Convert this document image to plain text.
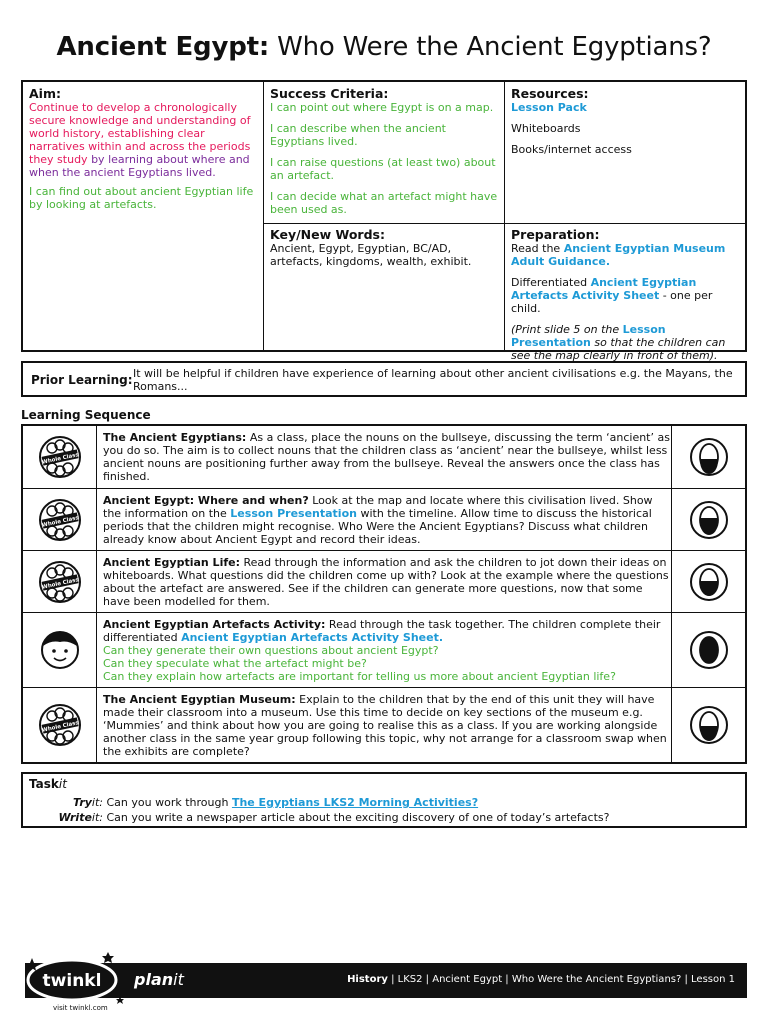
Ancient Egypt: Who Were the Ancient Egyptians?
Aim:

Continue to develop a chronologically secure knowledge and understanding of world history, establishing clear narratives within and across the periods they study by learning about where and when the ancient Egyptians lived.

I can find out about ancient Egyptian life by looking at artefacts.

Success Criteria:

I can point out where Egypt is on a map.

I can describe when the ancient Egyptians lived.

I can raise questions (at least two) about an artefact.

I can decide what an artefact might have been used as.

Resources:

Lesson Pack

Whiteboards

Books/internet access

Key/New Words:

Ancient, Egypt, Egyptian, BC/AD, artefacts, kingdoms, wealth, exhibit.

Preparation:

Read the Ancient Egyptian Museum Adult Guidance.

Differentiated Ancient Egyptian Artefacts Activity Sheet - one per child.

(Print slide 5 on the Lesson Presentation so that the children can see the map clearly in front of them).

Prior Learning: It will be helpful if children have experience of learning about other ancient civilisations e.g. the Mayans, the Romans...
Learning Sequence
Whole Class
The Ancient Egyptians: As a class, place the nouns on the bullseye, discussing the term ‘ancient’ as you do so. The aim is to collect nouns that the children class as ‘ancient’ near the bullseye, whilst less ancient nouns are positioning further away from the bullseye. Reveal the answers once the class has finished.
Whole Class
Ancient Egypt: Where and when? Look at the map and locate where this civilisation lived. Show the information on the Lesson Presentation with the timeline. Allow time to discuss the historical periods that the children might recognise. Who Were the Ancient Egyptians? Discuss what children already know about Ancient Egypt and record their ideas.
Whole Class
Ancient Egyptian Life: Read through the information and ask the children to jot down their ideas on whiteboards. What questions did the children come up with? Look at the example where the questions about the artefact are answered. See if the children can generate more questions, now that some have been modelled for them.
Ancient Egyptian Artefacts Activity: Read through the task together. The children complete their differentiated Ancient Egyptian Artefacts Activity Sheet.
Can they generate their own questions about ancient Egypt?
Can they speculate what the artefact might be?
Can they explain how artefacts are important for telling us more about ancient Egyptian life?
Whole Class
The Ancient Egyptian Museum: Explain to the children that by the end of this unit they will have made their classroom into a museum. Use this time to decide on key sections of the museum e.g. ‘Mummies’ and think about how you are going to realise this as a class. If you are working alongside another class in the same year group following this topic, why not arrange for a classroom swap when the exhibits are complete?
Taskit
Tryit: Can you work through The Egyptians LKS2 Morning Activities?
Writeit: Can you write a newspaper article about the exciting discovery of one of today’s artefacts?
History | LKS2 | Ancient Egypt | Who Were the Ancient Egyptians? | Lesson 1
twinkl planit
visit twinkl.com
